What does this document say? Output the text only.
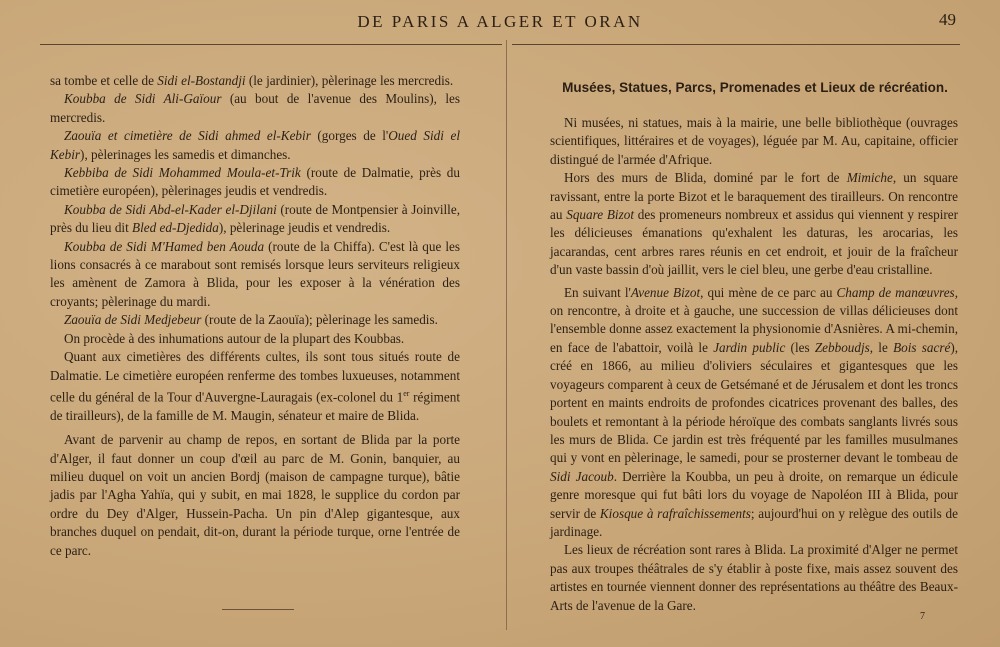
DE PARIS A ALGER ET ORAN	49

sa tombe et celle de Sidi el-Bostandji (le jardinier), pèlerinage les mercredis.

Koubba de Sidi Ali-Gaïour (au bout de l'avenue des Moulins), les mercredis.

Zaouïa et cimetière de Sidi ahmed el-Kebir (gorges de l'Oued Sidi el Kebir), pèlerinages les samedis et dimanches.

Kebbiba de Sidi Mohammed Moula-et-Trik (route de Dalmatie, près du cimetière européen), pèlerinages jeudis et vendredis.

Koubba de Sidi Abd-el-Kader el-Djilani (route de Montpensier à Joinville, près du lieu dit Bled ed-Djedida), pèlerinage jeudis et vendredis.

Koubba de Sidi M'Hamed ben Aouda (route de la Chiffa). C'est là que les lions consacrés à ce marabout sont remisés lorsque leurs serviteurs religieux les amènent de Zamora à Blida, pour les exposer à la vénération des croyants; pèlerinage du mardi.

Zaouïa de Sidi Medjebeur (route de la Zaouïa); pèlerinage les samedis.

On procède à des inhumations autour de la plupart des Koubbas.

Quant aux cimetières des différents cultes, ils sont tous situés route de Dalmatie. Le cimetière européen renferme des tombes luxueuses, notamment celle du général de la Tour d'Auvergne-Lauragais (ex-colonel du 1er régiment de tirailleurs), de la famille de M. Maugin, sénateur et maire de Blida.

Avant de parvenir au champ de repos, en sortant de Blida par la porte d'Alger, il faut donner un coup d'œil au parc de M. Gonin, banquier, au milieu duquel on voit un ancien Bordj (maison de campagne turque), bâtie jadis par l'Agha Yahïa, qui y subit, en mai 1828, le supplice du cordon par ordre du Dey d'Alger, Hussein-Pacha. Un pin d'Alep gigantesque, aux branches duquel on pendait, dit-on, durant la période turque, orne l'entrée de ce parc.

Musées, Statues, Parcs, Promenades et Lieux de récréation.

Ni musées, ni statues, mais à la mairie, une belle bibliothèque (ouvrages scientifiques, littéraires et de voyages), léguée par M. Au, capitaine, officier distingué de l'armée d'Afrique.

Hors des murs de Blida, dominé par le fort de Mimiche, un square ravissant, entre la porte Bizot et le baraquement des tirailleurs. On rencontre au Square Bizot des promeneurs nombreux et assidus qui viennent y respirer les délicieuses émanations qu'exhalent les daturas, les arocarias, les jacarandas, cent arbres rares réunis en cet endroit, et jouir de la fraîcheur d'un vaste bassin d'où jaillit, vers le ciel bleu, une gerbe d'eau cristalline.

En suivant l'Avenue Bizot, qui mène de ce parc au Champ de manœuvres, on rencontre, à droite et à gauche, une succession de villas délicieuses dont l'ensemble donne assez exactement la physionomie d'Asnières. A mi-chemin, en face de l'abattoir, voilà le Jardin public (les Zebboudjs, le Bois sacré), créé en 1866, au milieu d'oliviers séculaires et gigantesques que les voyageurs comparent à ceux de Getsémané et de Jérusalem et dont les troncs portent en maints endroits de profondes cicatrices provenant des balles, des boulets et remontant à la période héroïque des combats sanglants livrés sous les murs de Blida. Ce jardin est très fréquenté par les familles musulmanes qui y vont en pèlerinage, le samedi, pour se prosterner devant le tombeau de Sidi Jacoub. Derrière la Koubba, un peu à droite, on remarque un édicule genre moresque qui fut bâti lors du voyage de Napoléon III à Blida, pour servir de Kiosque à rafraîchissements; aujourd'hui on y relègue des outils de jardinage.

Les lieux de récréation sont rares à Blida. La proximité d'Alger ne permet pas aux troupes théâtrales de s'y établir à poste fixe, mais assez souvent des artistes en tournée viennent donner des représentations au théâtre des Beaux-Arts de l'avenue de la Gare.

7
